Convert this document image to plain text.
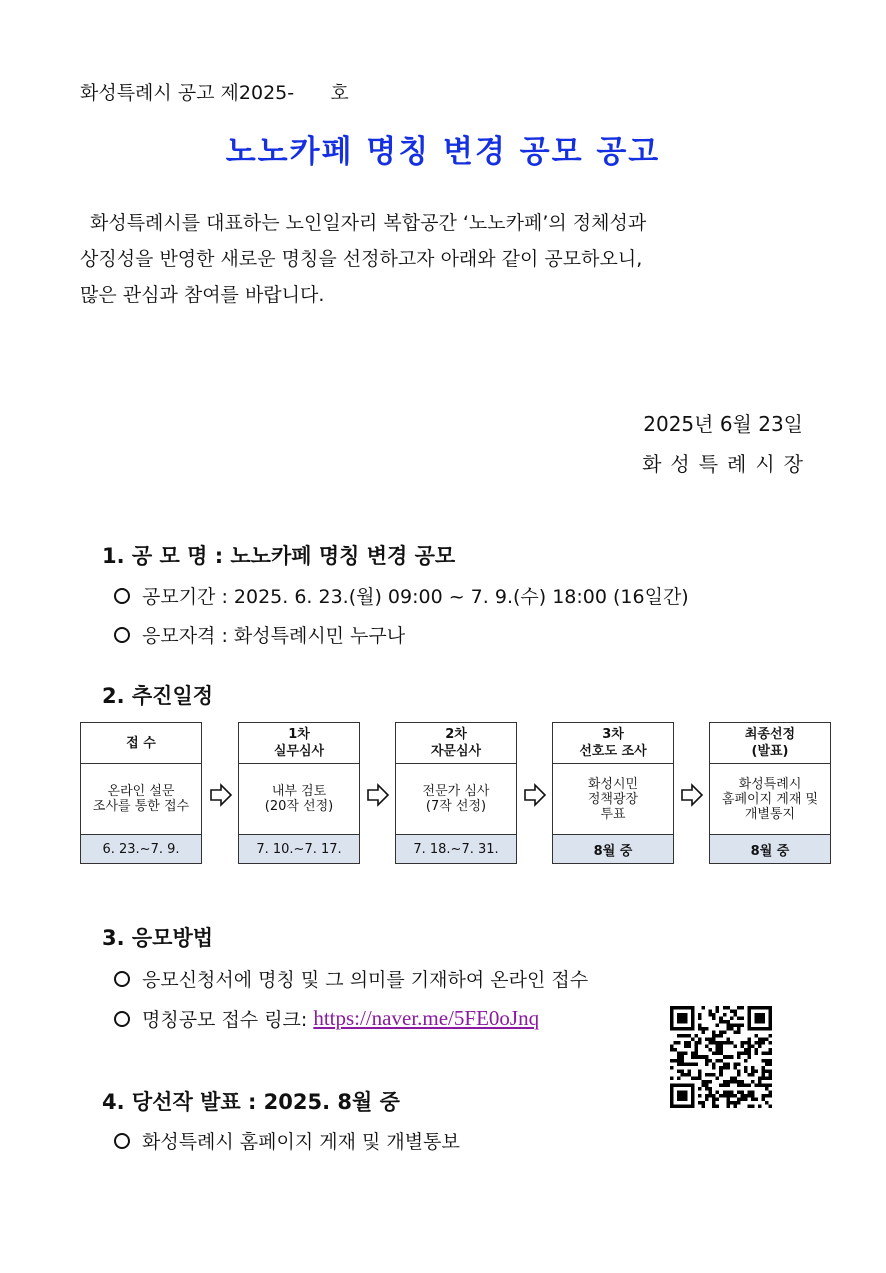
화성특례시 공고 제2025-      호
노노카페 명칭 변경 공모 공고
화성특례시를 대표하는 노인일자리 복합공간 ‘노노카페’의 정체성과
상징성을 반영한 새로운 명칭을 선정하고자 아래와 같이 공모하오니,
많은 관심과 참여를 바랍니다.
2025년 6월 23일
화성특례시장
1. 공 모 명 : 노노카페 명칭 변경 공모
공모기간 : 2025. 6. 23.(월) 09:00 ~ 7. 9.(수) 18:00 (16일간)
응모자격 : 화성특례시민 누구나
2. 추진일정
접 수
온라인 설문
조사를 통한 접수
6. 23.~7. 9.
1차
실무심사
내부 검토
(20작 선정)
7. 10.~7. 17.
2차
자문심사
전문가 심사
(7작 선정)
7. 18.~7. 31.
3차
선호도 조사
화성시민
정책광장
투표
8월 중
최종선정
(발표)
화성특례시
홈페이지 게재 및
개별통지
8월 중
3. 응모방법
응모신청서에 명칭 및 그 의미를 기재하여 온라인 접수
명칭공모 접수 링크: https://naver.me/5FE0oJnq
4. 당선작 발표 : 2025. 8월 중
화성특례시 홈페이지 게재 및 개별통보
